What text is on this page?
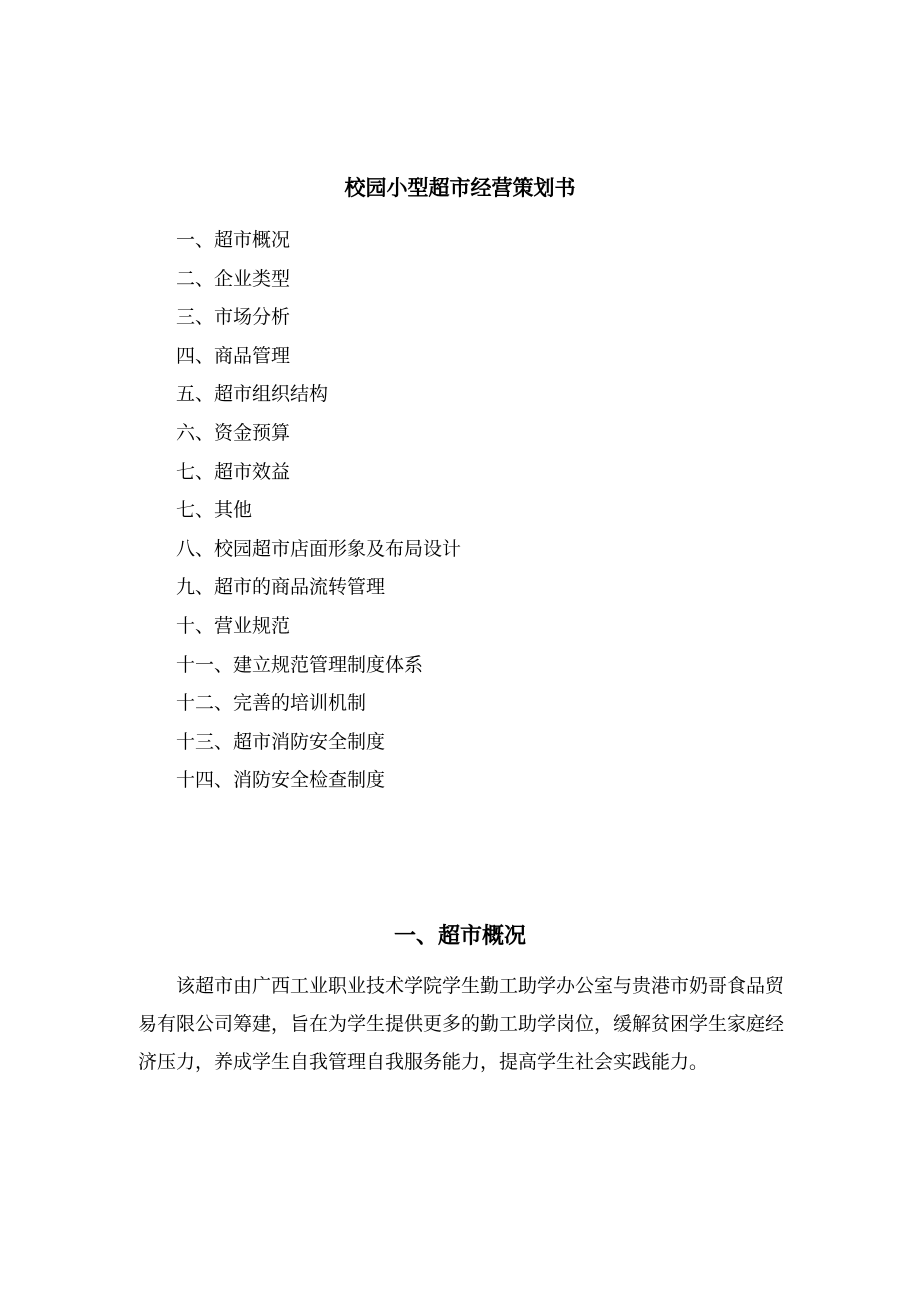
校园小型超市经营策划书
一、超市概况
二、企业类型
三、市场分析
四、商品管理
五、超市组织结构
六、资金预算
七、超市效益
七、其他
八、校园超市店面形象及布局设计
九、超市的商品流转管理
十、营业规范
十一、建立规范管理制度体系
十二、完善的培训机制
十三、超市消防安全制度
十四、消防安全检查制度
一、超市概况

该超市由广西工业职业技术学院学生勤工助学办公室与贵港市奶哥食品贸易有限公司筹建，旨在为学生提供更多的勤工助学岗位，缓解贫困学生家庭经济压力，养成学生自我管理自我服务能力，提高学生社会实践能力。
